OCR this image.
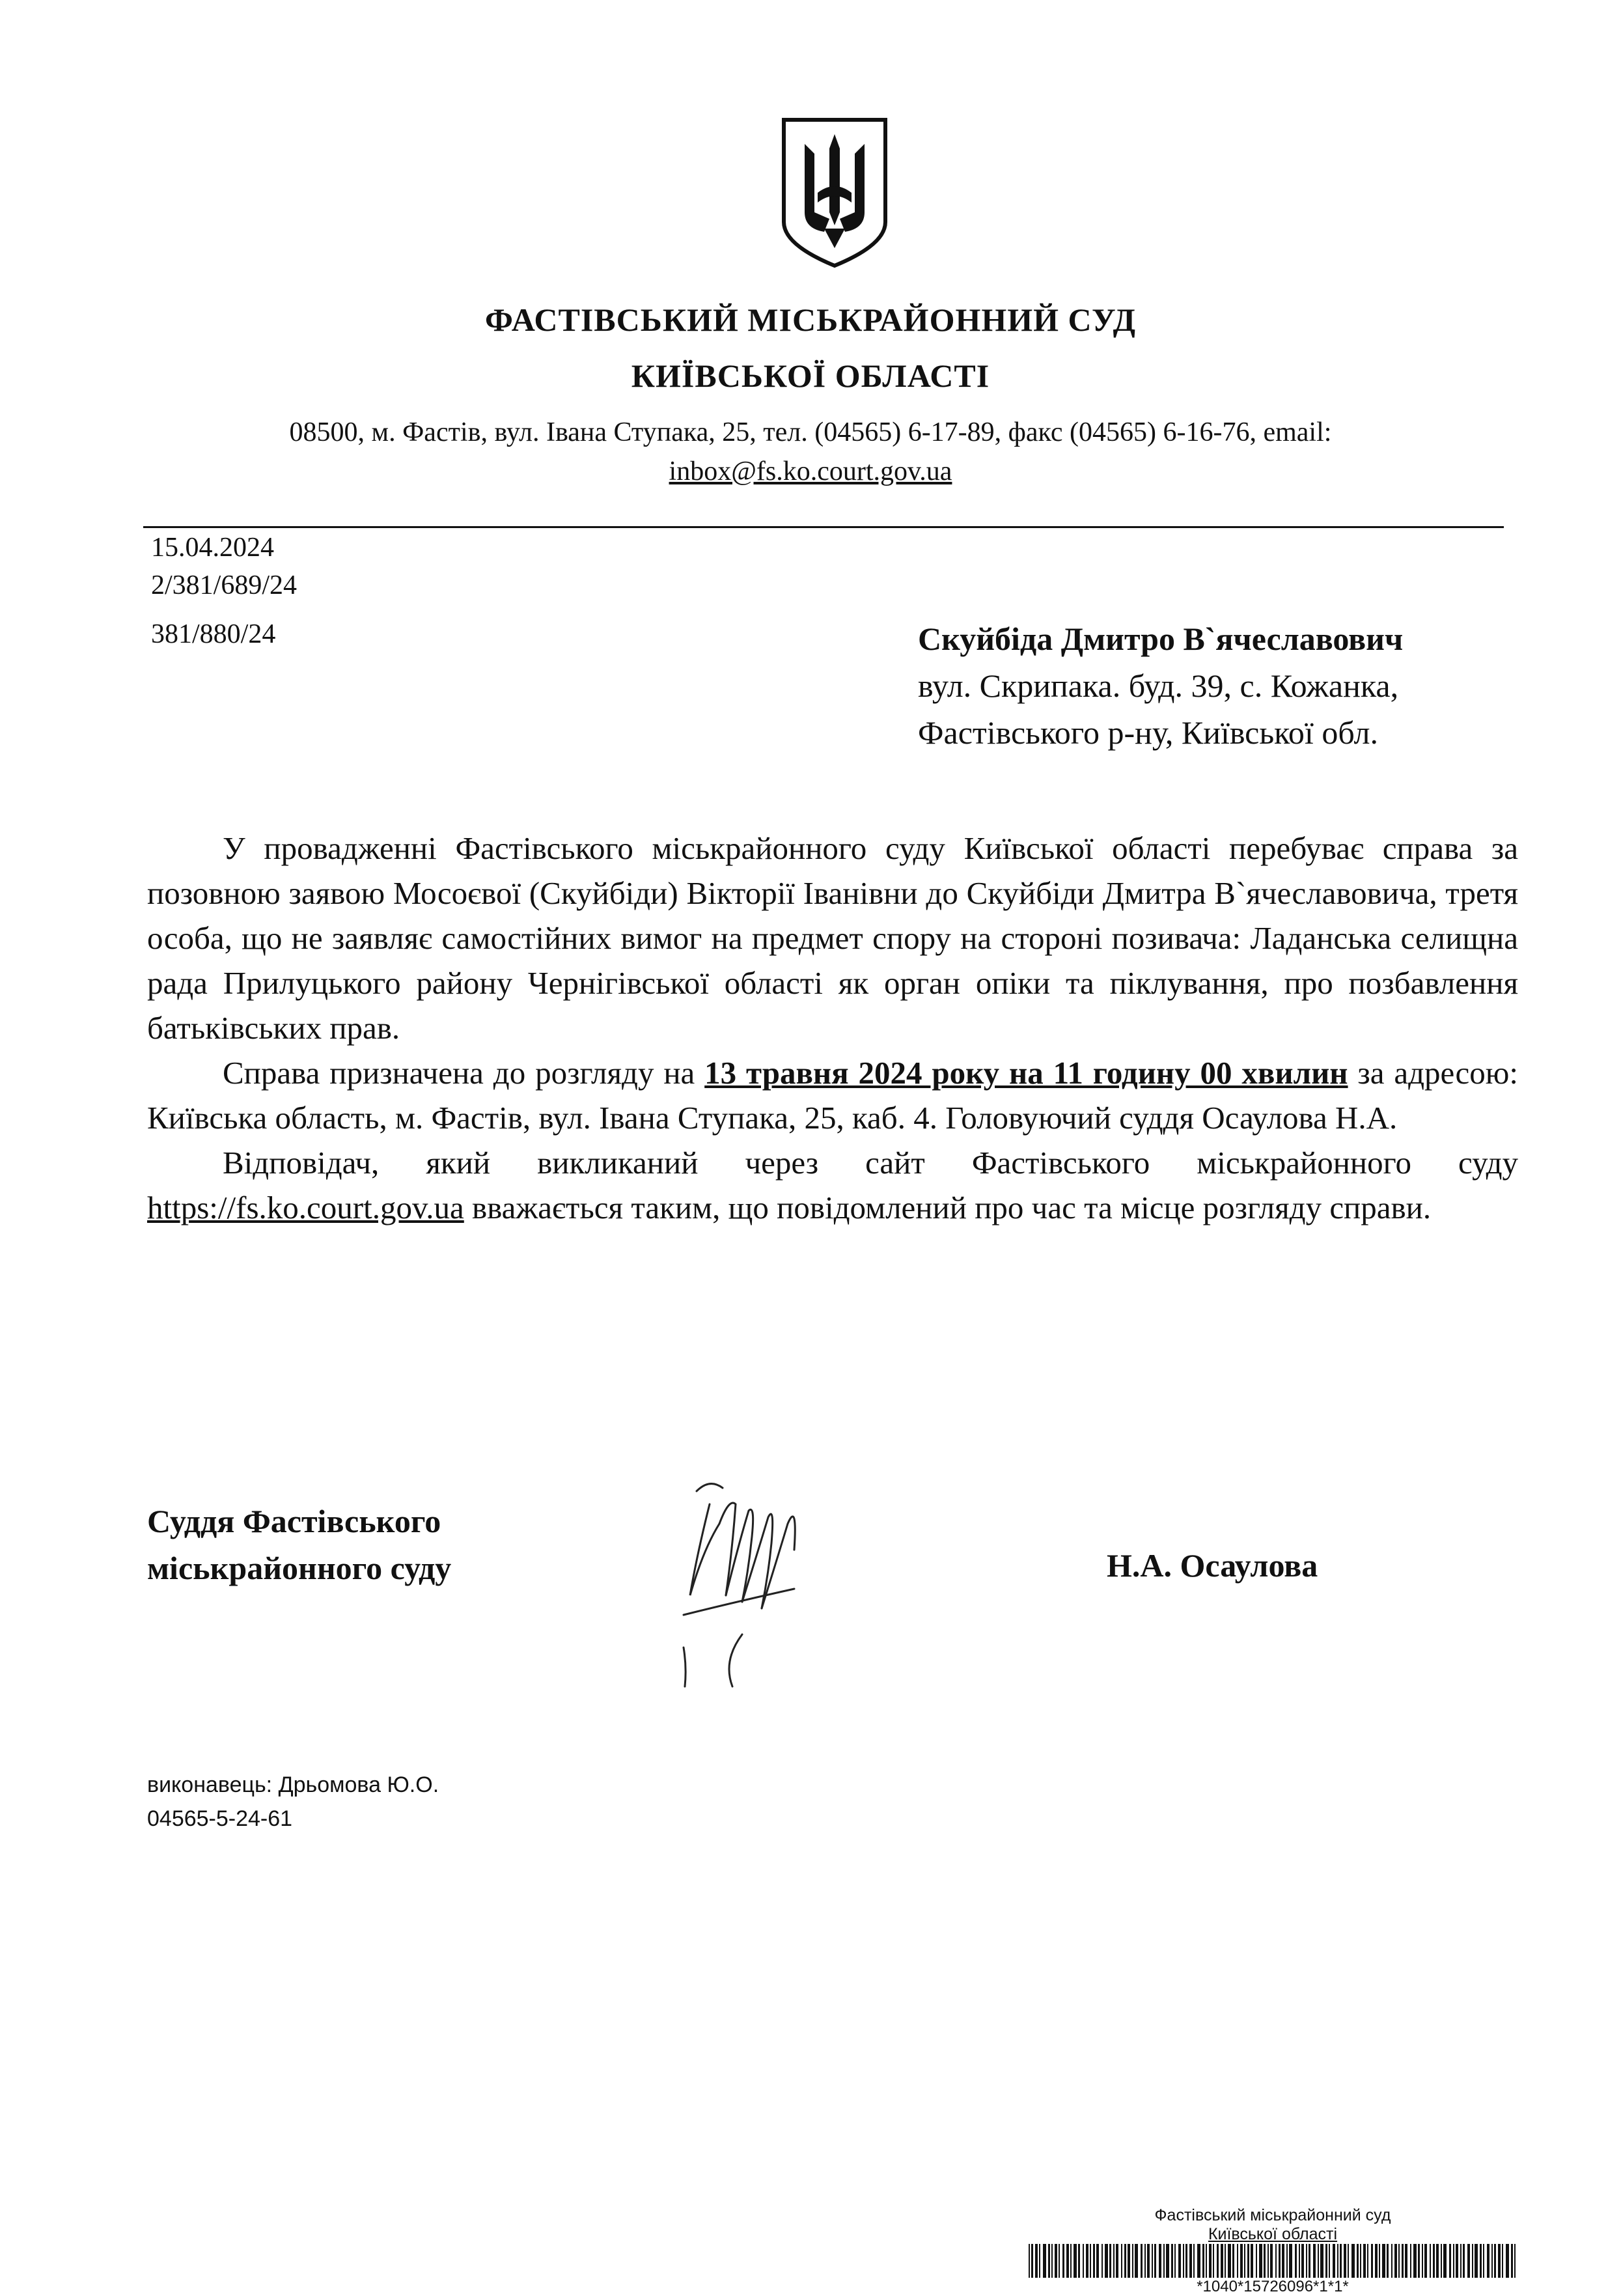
ФАСТІВСЬКИЙ МІСЬКРАЙОННИЙ СУД
КИЇВСЬКОЇ ОБЛАСТІ
08500, м. Фастів, вул. Івана Ступака, 25, тел. (04565) 6-17-89, факс (04565) 6-16-76, email:
inbox@fs.ko.court.gov.ua
15.04.2024
2/381/689/24
381/880/24	Скуйбіда Дмитро В`ячеславович
вул. Скрипака. буд. 39, с. Кожанка,
Фастівського р-ну, Київської обл.

У провадженні Фастівського міськрайонного суду Київської області перебуває справа за позовною заявою Мосоєвої (Скуйбіди) Вікторії Іванівни до Скуйбіди Дмитра В`ячеславовича, третя особа, що не заявляє самостійних вимог на предмет спору на стороні позивача: Ладанська селищна рада Прилуцького району Чернігівської області як орган опіки та піклування, про позбавлення батьківських прав.

Справа призначена до розгляду на 13 травня 2024 року на 11 годину 00 хвилин за адресою: Київська область, м. Фастів, вул. Івана Ступака, 25, каб. 4. Головуючий суддя Осаулова Н.А.

Відповідач, який викликаний через сайт Фастівського міськрайонного суду https://fs.ko.court.gov.ua вважається таким, що повідомлений про час та місце розгляду справи.

Суддя Фастівського
міськрайонного суду	Н.А. Осаулова
виконавець: Дрьомова Ю.О.
04565-5-24-61
Фастівський міськрайонний суд
Київської області
*1040*15726096*1*1*
